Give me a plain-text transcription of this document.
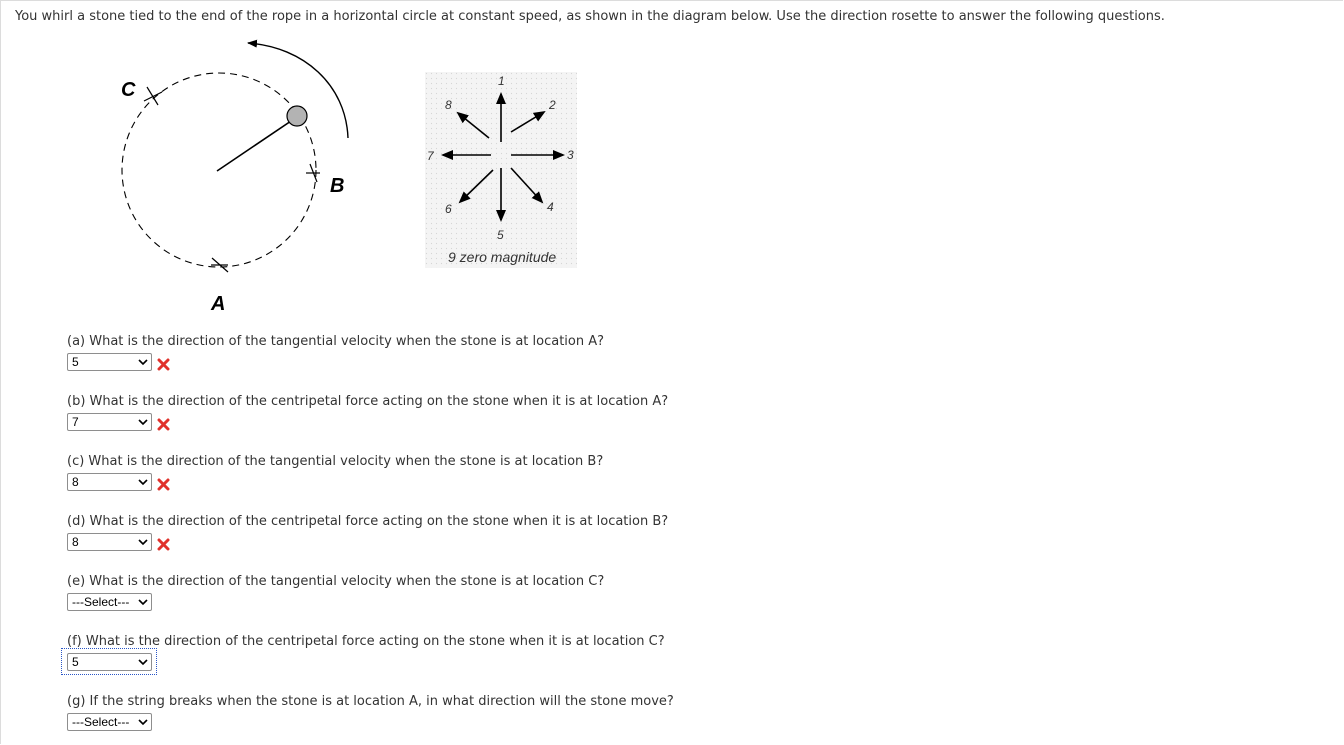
You whirl a stone tied to the end of the rope in a horizontal circle at constant speed, as shown in the diagram below. Use the direction rosette to answer the following questions.
C
B
A
1
2
3
4
5
6
7
8
9 zero magnitude
(a) What is the direction of the tangential velocity when the stone is at location A?
5
(b) What is the direction of the centripetal force acting on the stone when it is at location A?
7
(c) What is the direction of the tangential velocity when the stone is at location B?
8
(d) What is the direction of the centripetal force acting on the stone when it is at location B?
8
(e) What is the direction of the tangential velocity when the stone is at location C?
---Select---
(f) What is the direction of the centripetal force acting on the stone when it is at location C?
5
(g) If the string breaks when the stone is at location A, in what direction will the stone move?
---Select---
